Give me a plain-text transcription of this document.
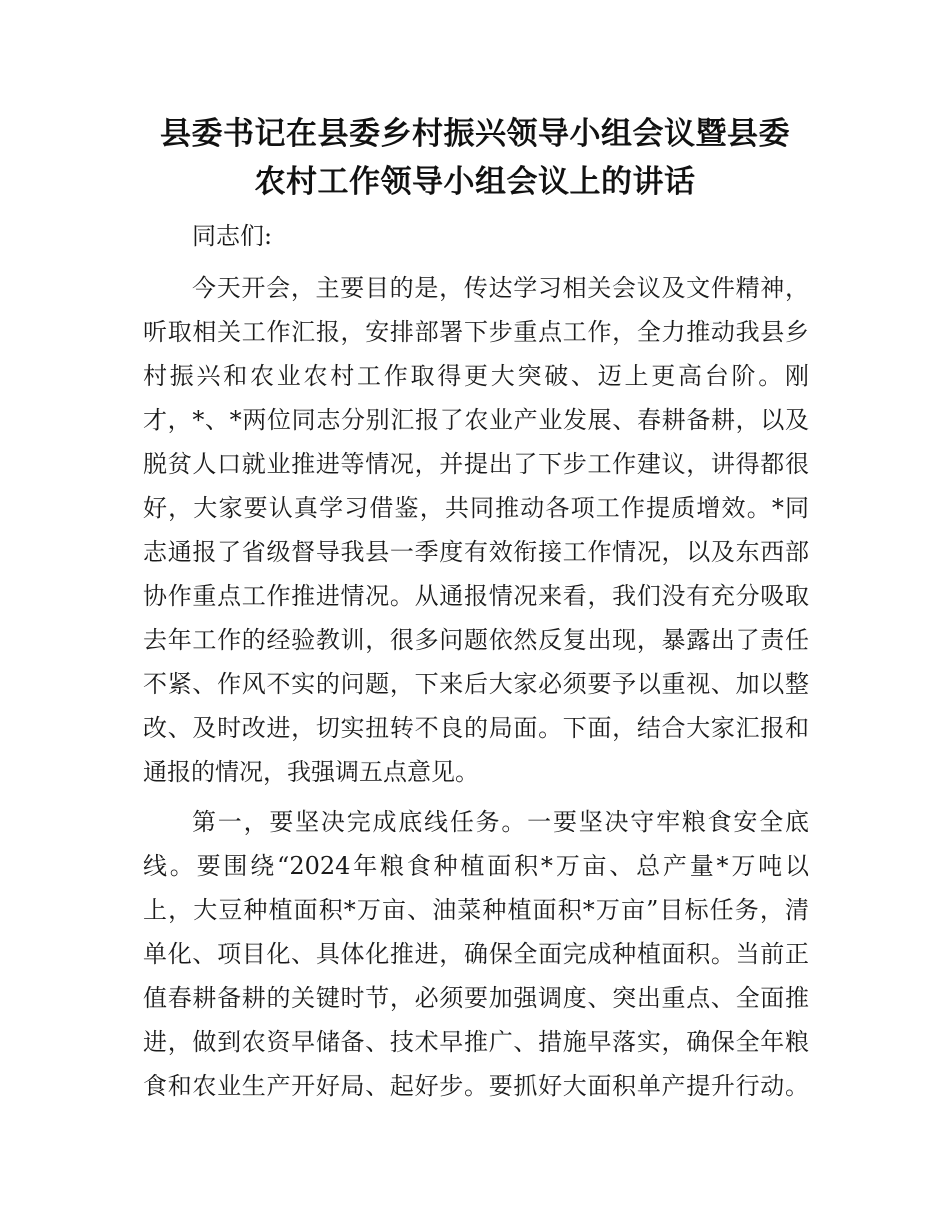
县委书记在县委乡村振兴领导小组会议暨县委
农村工作领导小组会议上的讲话
同志们:
今天开会，主要目的是，传达学习相关会议及文件精神，
听取相关工作汇报，安排部署下步重点工作，全力推动我县乡
村振兴和农业农村工作取得更大突破、迈上更高台阶。刚
才，*、*两位同志分别汇报了农业产业发展、春耕备耕，以及
脱贫人口就业推进等情况，并提出了下步工作建议，讲得都很
好，大家要认真学习借鉴，共同推动各项工作提质增效。*同
志通报了省级督导我县一季度有效衔接工作情况，以及东西部
协作重点工作推进情况。从通报情况来看，我们没有充分吸取
去年工作的经验教训，很多问题依然反复出现，暴露出了责任
不紧、作风不实的问题，下来后大家必须要予以重视、加以整
改、及时改进，切实扭转不良的局面。下面，结合大家汇报和
通报的情况，我强调五点意见。
第一，要坚决完成底线任务。一要坚决守牢粮食安全底
线。要围绕“2024年粮食种植面积*万亩、总产量*万吨以
上，大豆种植面积*万亩、油菜种植面积*万亩”目标任务，清
单化、项目化、具体化推进，确保全面完成种植面积。当前正
值春耕备耕的关键时节，必须要加强调度、突出重点、全面推
进，做到农资早储备、技术早推广、措施早落实，确保全年粮
食和农业生产开好局、起好步。要抓好大面积单产提升行动。
